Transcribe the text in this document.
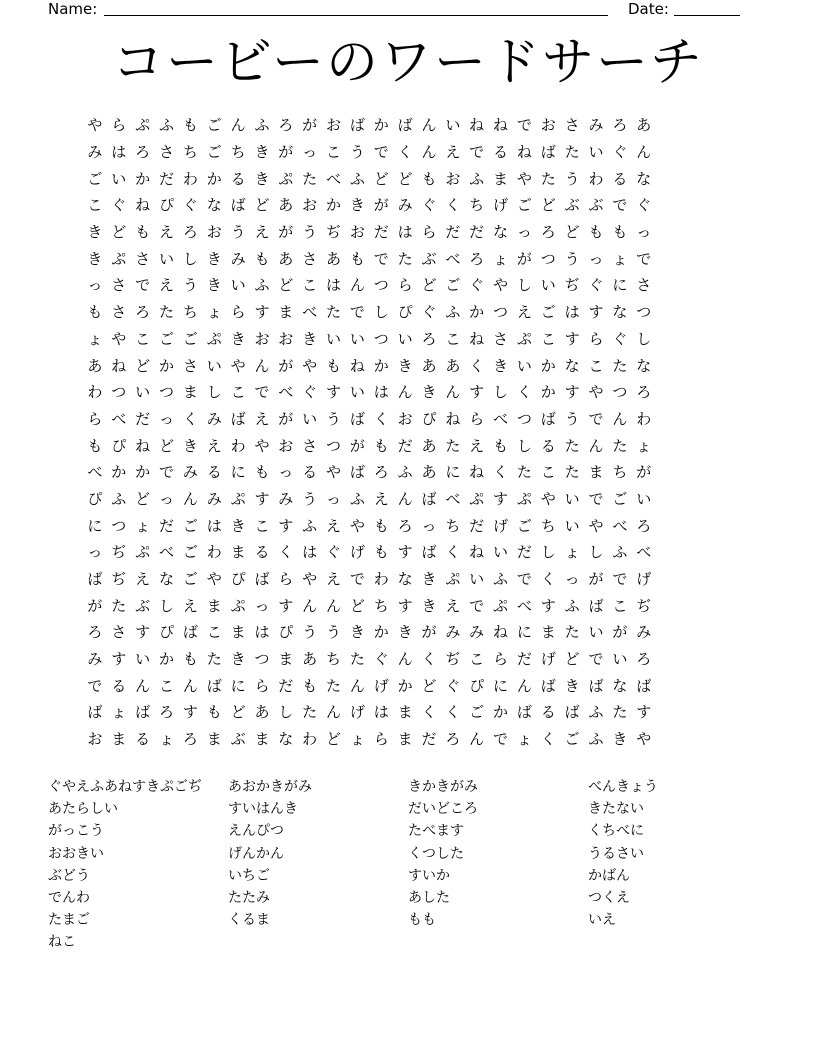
Name:	Date:
コービーのワードサーチ
や ら ぷ ふ も ご ん ふ ろ が お ば か ば ん い ね ね で お さ み ろ あ
み は ろ さ ち ご ち き が っ こ う で く ん え で る ね ば た い ぐ ん
ご い か だ わ か る き ぷ た べ ふ ど ど も お ふ ま や た う わ る な
こ ぐ ね ぴ ぐ な ば ど あ お か き が み ぐ く ち げ ご ど ぶ ぶ で ぐ
き ど も え ろ お う え が う ぢ お だ は ら だ だ な っ ろ ど も も っ
き ぷ さ い し き み も あ さ あ も で た ぶ べ ろ ょ が つ う っ ょ で
っ さ で え う き い ふ ど こ は ん つ ら ど ご ぐ や し い ぢ ぐ に さ
も さ ろ た ち ょ ら す ま べ た で し ぴ ぐ ふ か つ え ご は す な つ
ょ や こ ご ご ぷ き お お き い い つ い ろ こ ね さ ぷ こ す ら ぐ し
あ ね ど か さ い や ん が や も ね か き あ あ く き い か な こ た な
わ つ い つ ま し こ で べ ぐ す い は ん き ん す し く か す や つ ろ
ら べ だ っ く み ば え が い う ば く お ぴ ね ら べ つ ば う で ん わ
も ぴ ね ど き え わ や お さ つ が も だ あ た え も し る た ん た ょ
べ か か で み る に も っ る や ば ろ ふ あ に ね く た こ た ま ち が
ぴ ふ ど っ ん み ぷ す み う っ ふ え ん ば べ ぷ す ぷ や い で ご い
に つ ょ だ ご は き こ す ふ え や も ろ っ ち だ げ ご ち い や べ ろ
っ ぢ ぷ べ ご わ ま る く は ぐ げ も す ば く ね い だ し ょ し ふ べ
ば ぢ え な ご や ぴ ば ら や え で わ な き ぷ い ふ で く っ が で げ
が た ぶ し え ま ぷ っ す ん ん ど ち す き え で ぷ べ す ふ ば こ ぢ
ろ さ す ぴ ば こ ま は ぴ う う き か き が み み ね に ま た い が み
み す い か も た き つ ま あ ち た ぐ ん く ぢ こ ら だ げ ど で い ろ
で る ん こ ん ば に ら だ も た ん げ か ど ぐ ぴ に ん ば き ば な ば
ば ょ ば ろ す も ど あ し た ん げ は ま く く ご か ば る ば ふ た す
お ま る ょ ろ ま ぶ ま な わ ど ょ ら ま だ ろ ん で ょ く ご ふ き や
ぐやえふあねすきぷごぢ
あたらしい
がっこう
おおきい
ぶどう
でんわ
たまご
ねこ
あおかきがみ
すいはんき
えんぴつ
げんかん
いちご
たたみ
くるま
きかきがみ
だいどころ
たべます
くつした
すいか
あした
もも
べんきょう
きたない
くちべに
うるさい
かばん
つくえ
いえ
